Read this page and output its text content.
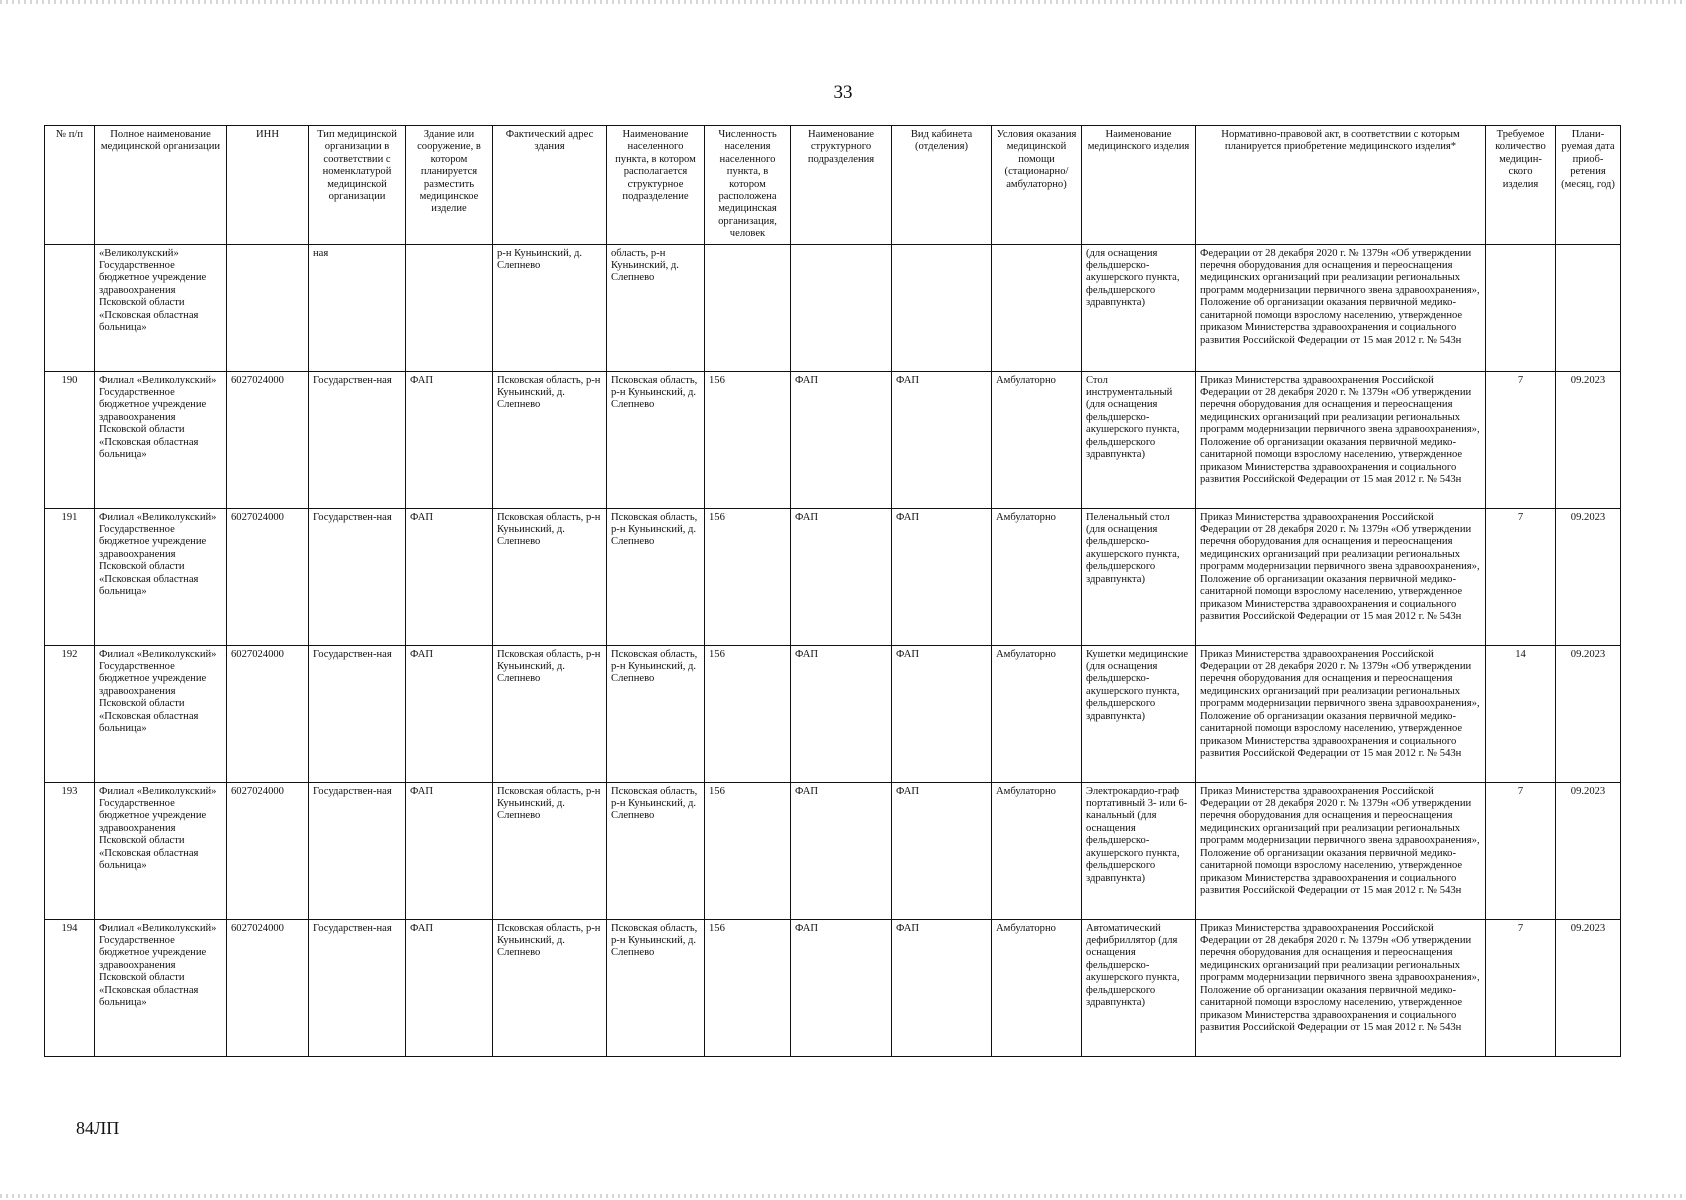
33
№ п/п	Полное наименование медицинской организации	ИНН	Тип медицинской организации в соответствии с номенклатурой медицинской организации	Здание или сооружение, в котором планируется разместить медицинское изделие	Фактический адрес здания	Наименование населенного пункта, в котором располагается структурное подразделение	Численность населения населенного пункта, в котором расположена медицинская организация, человек	Наименование структурного подразделения	Вид кабинета (отделения)	Условия оказания медицинской помощи (стационарно/амбулаторно)	Наименование медицинского изделия	Нормативно-правовой акт, в соответствии с которым планируется приобретение медицинского изделия*	Требуемое количество медицин-ского изделия	Плани-руемая дата приоб-ретения (месяц, год)
	«Великолукский» Государственное бюджетное учреждение здравоохранения Псковской области «Псковская областная больница»		ная		р-н Куньинский, д. Слепнево	область, р-н Куньинский, д. Слепнево					(для оснащения фельдшерско-акушерского пункта, фельдшерского здравпункта)	Федерации от 28 декабря 2020 г. № 1379н «Об утверждении перечня оборудования для оснащения и переоснащения медицинских организаций при реализации региональных программ модернизации первичного звена здравоохранения», Положение об организации оказания первичной медико-санитарной помощи взрослому населению, утвержденное приказом Министерства здравоохранения и социального развития Российской Федерации от 15 мая 2012 г. № 543н		
190	Филиал «Великолукский» Государственное бюджетное учреждение здравоохранения Псковской области «Псковская областная больница»	6027024000	Государствен-ная	ФАП	Псковская область, р-н Куньинский, д. Слепнево	Псковская область, р-н Куньинский, д. Слепнево	156	ФАП	ФАП	Амбулаторно	Стол инструментальный (для оснащения фельдшерско-акушерского пункта, фельдшерского здравпункта)	Приказ Министерства здравоохранения Российской Федерации от 28 декабря 2020 г. № 1379н «Об утверждении перечня оборудования для оснащения и переоснащения медицинских организаций при реализации региональных программ модернизации первичного звена здравоохранения», Положение об организации оказания первичной медико-санитарной помощи взрослому населению, утвержденное приказом Министерства здравоохранения и социального развития Российской Федерации от 15 мая 2012 г. № 543н	7	09.2023
191	Филиал «Великолукский» Государственное бюджетное учреждение здравоохранения Псковской области «Псковская областная больница»	6027024000	Государствен-ная	ФАП	Псковская область, р-н Куньинский, д. Слепнево	Псковская область, р-н Куньинский, д. Слепнево	156	ФАП	ФАП	Амбулаторно	Пеленальный стол (для оснащения фельдшерско-акушерского пункта, фельдшерского здравпункта)	Приказ Министерства здравоохранения Российской Федерации от 28 декабря 2020 г. № 1379н «Об утверждении перечня оборудования для оснащения и переоснащения медицинских организаций при реализации региональных программ модернизации первичного звена здравоохранения», Положение об организации оказания первичной медико-санитарной помощи взрослому населению, утвержденное приказом Министерства здравоохранения и социального развития Российской Федерации от 15 мая 2012 г. № 543н	7	09.2023
192	Филиал «Великолукский» Государственное бюджетное учреждение здравоохранения Псковской области «Псковская областная больница»	6027024000	Государствен-ная	ФАП	Псковская область, р-н Куньинский, д. Слепнево	Псковская область, р-н Куньинский, д. Слепнево	156	ФАП	ФАП	Амбулаторно	Кушетки медицинские (для оснащения фельдшерско-акушерского пункта, фельдшерского здравпункта)	Приказ Министерства здравоохранения Российской Федерации от 28 декабря 2020 г. № 1379н «Об утверждении перечня оборудования для оснащения и переоснащения медицинских организаций при реализации региональных программ модернизации первичного звена здравоохранения», Положение об организации оказания первичной медико-санитарной помощи взрослому населению, утвержденное приказом Министерства здравоохранения и социального развития Российской Федерации от 15 мая 2012 г. № 543н	14	09.2023
193	Филиал «Великолукский» Государственное бюджетное учреждение здравоохранения Псковской области «Псковская областная больница»	6027024000	Государствен-ная	ФАП	Псковская область, р-н Куньинский, д. Слепнево	Псковская область, р-н Куньинский, д. Слепнево	156	ФАП	ФАП	Амбулаторно	Электрокардио-граф портативный 3- или 6-канальный (для оснащения фельдшерско-акушерского пункта, фельдшерского здравпункта)	Приказ Министерства здравоохранения Российской Федерации от 28 декабря 2020 г. № 1379н «Об утверждении перечня оборудования для оснащения и переоснащения медицинских организаций при реализации региональных программ модернизации первичного звена здравоохранения», Положение об организации оказания первичной медико-санитарной помощи взрослому населению, утвержденное приказом Министерства здравоохранения и социального развития Российской Федерации от 15 мая 2012 г. № 543н	7	09.2023
194	Филиал «Великолукский» Государственное бюджетное учреждение здравоохранения Псковской области «Псковская областная больница»	6027024000	Государствен-ная	ФАП	Псковская область, р-н Куньинский, д. Слепнево	Псковская область, р-н Куньинский, д. Слепнево	156	ФАП	ФАП	Амбулаторно	Автоматический дефибриллятор (для оснащения фельдшерско-акушерского пункта, фельдшерского здравпункта)	Приказ Министерства здравоохранения Российской Федерации от 28 декабря 2020 г. № 1379н «Об утверждении перечня оборудования для оснащения и переоснащения медицинских организаций при реализации региональных программ модернизации первичного звена здравоохранения», Положение об организации оказания первичной медико-санитарной помощи взрослому населению, утвержденное приказом Министерства здравоохранения и социального развития Российской Федерации от 15 мая 2012 г. № 543н	7	09.2023
84ЛП
